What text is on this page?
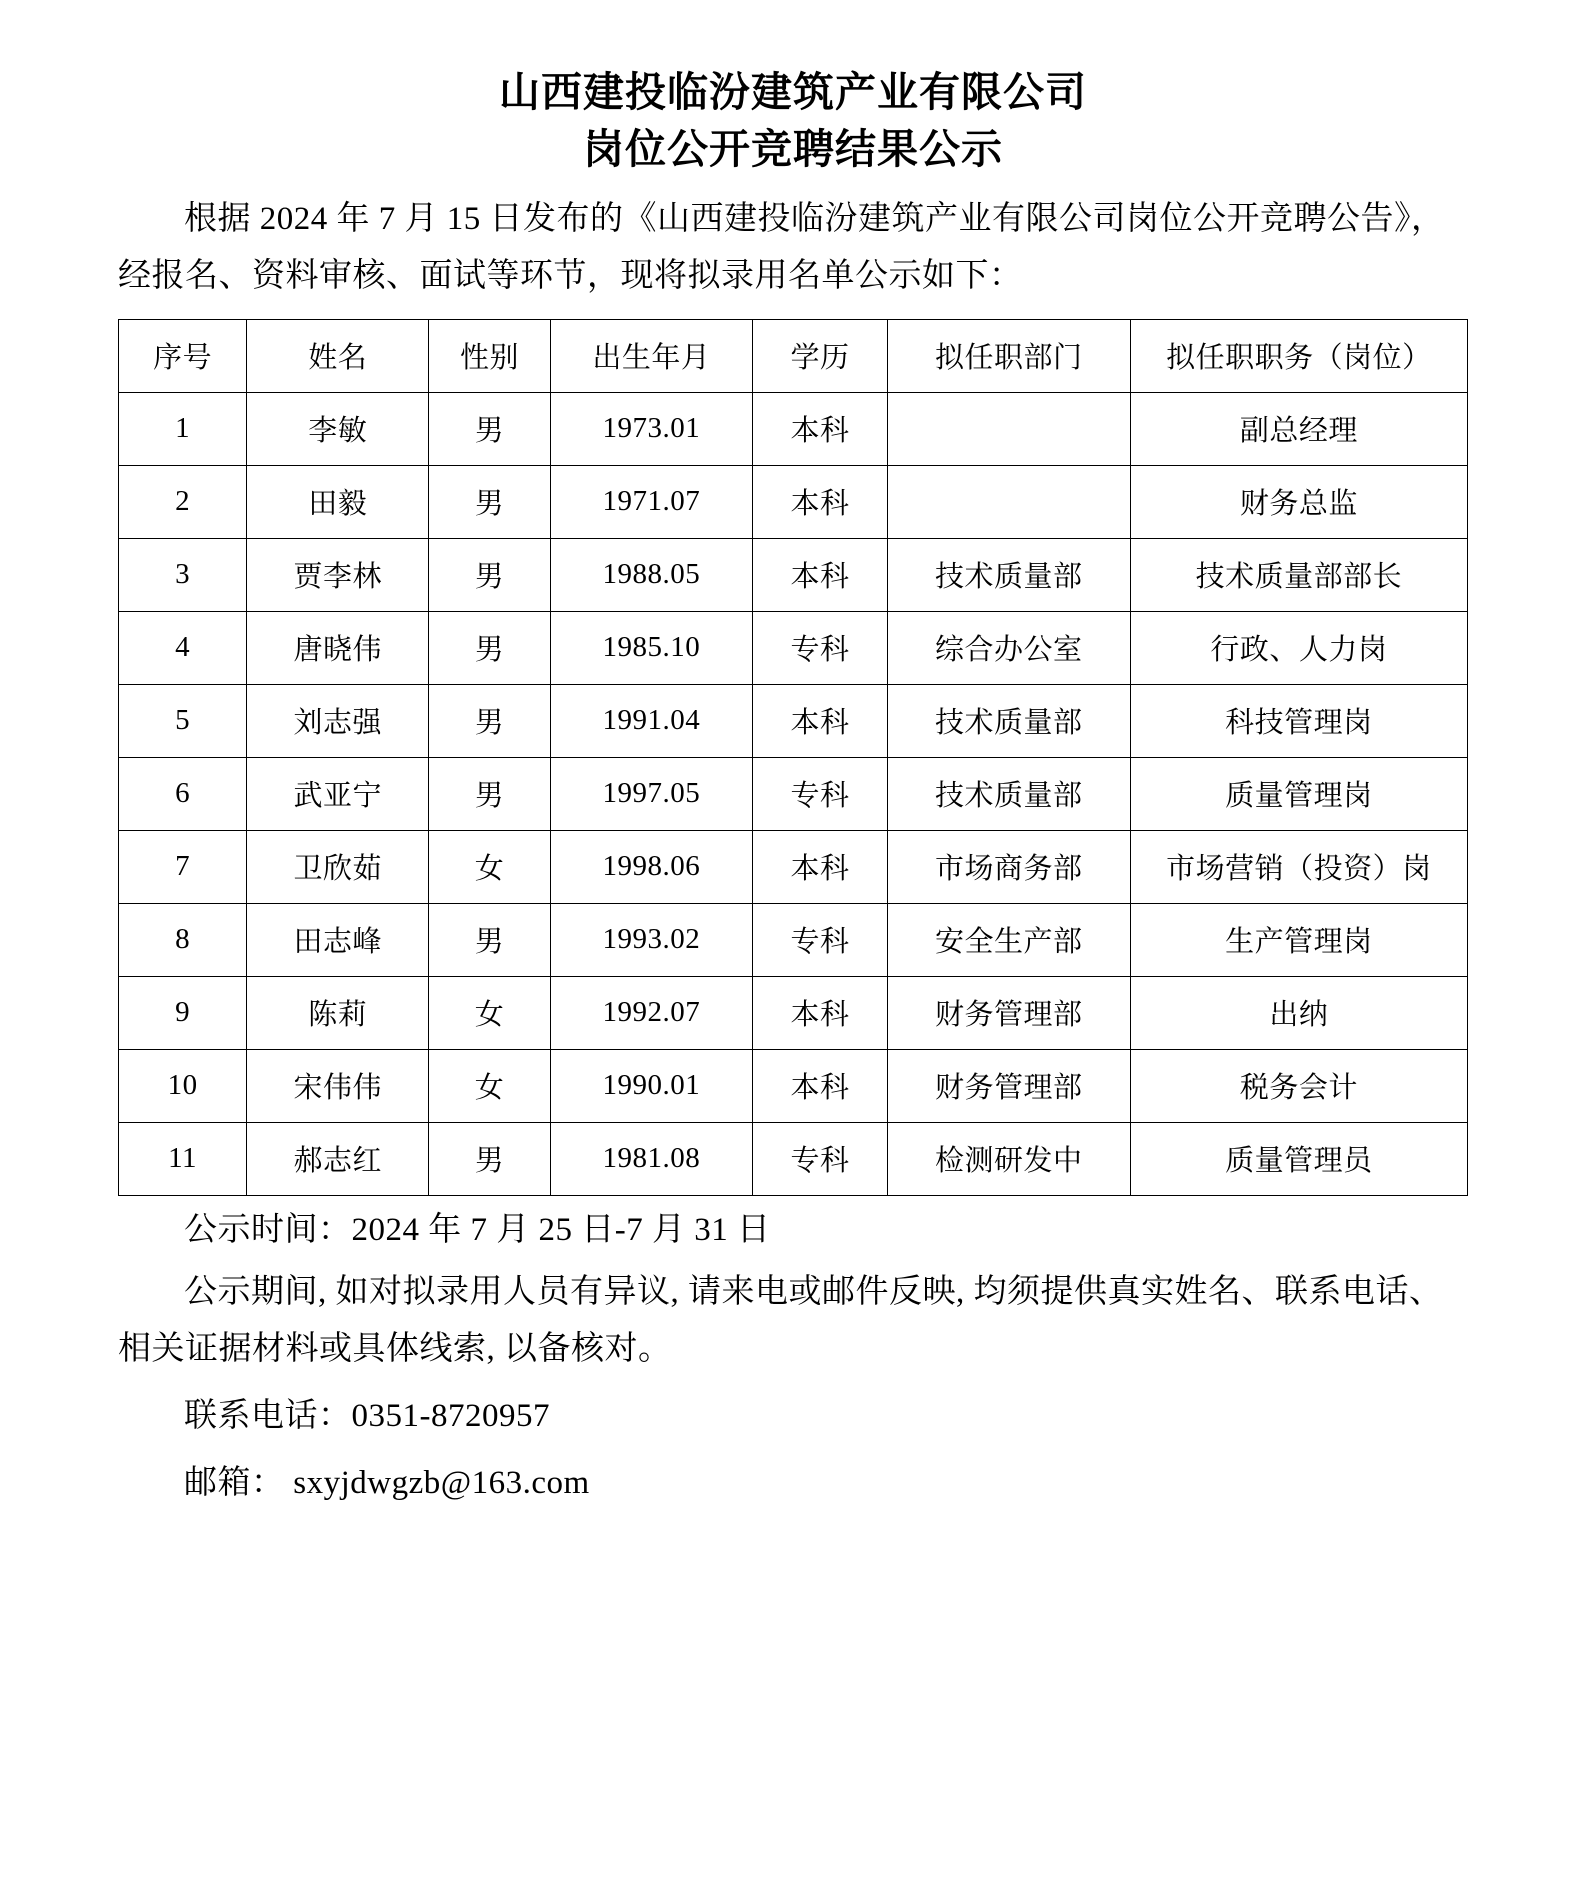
山西建投临汾建筑产业有限公司
岗位公开竞聘结果公示

根据 2024 年 7 月 15 日发布的《山西建投临汾建筑产业有限公司岗位公开竞聘公告》，经报名、资料审核、面试等环节，现将拟录用名单公示如下：

序号	姓名	性别	出生年月	学历	拟任职部门	拟任职职务（岗位）
1	李敏	男	1973.01	本科		副总经理
2	田毅	男	1971.07	本科		财务总监
3	贾李林	男	1988.05	本科	技术质量部	技术质量部部长
4	唐晓伟	男	1985.10	专科	综合办公室	行政、人力岗
5	刘志强	男	1991.04	本科	技术质量部	科技管理岗
6	武亚宁	男	1997.05	专科	技术质量部	质量管理岗
7	卫欣茹	女	1998.06	本科	市场商务部	市场营销（投资）岗
8	田志峰	男	1993.02	专科	安全生产部	生产管理岗
9	陈莉	女	1992.07	本科	财务管理部	出纳
10	宋伟伟	女	1990.01	本科	财务管理部	税务会计
11	郝志红	男	1981.08	专科	检测研发中	质量管理员

公示时间：2024 年 7 月 25 日-7 月 31 日

公示期间, 如对拟录用人员有异议, 请来电或邮件反映, 均须提供真实姓名、联系电话、相关证据材料或具体线索, 以备核对。

联系电话：0351-8720957

邮箱： sxyjdwgzb@163.com
